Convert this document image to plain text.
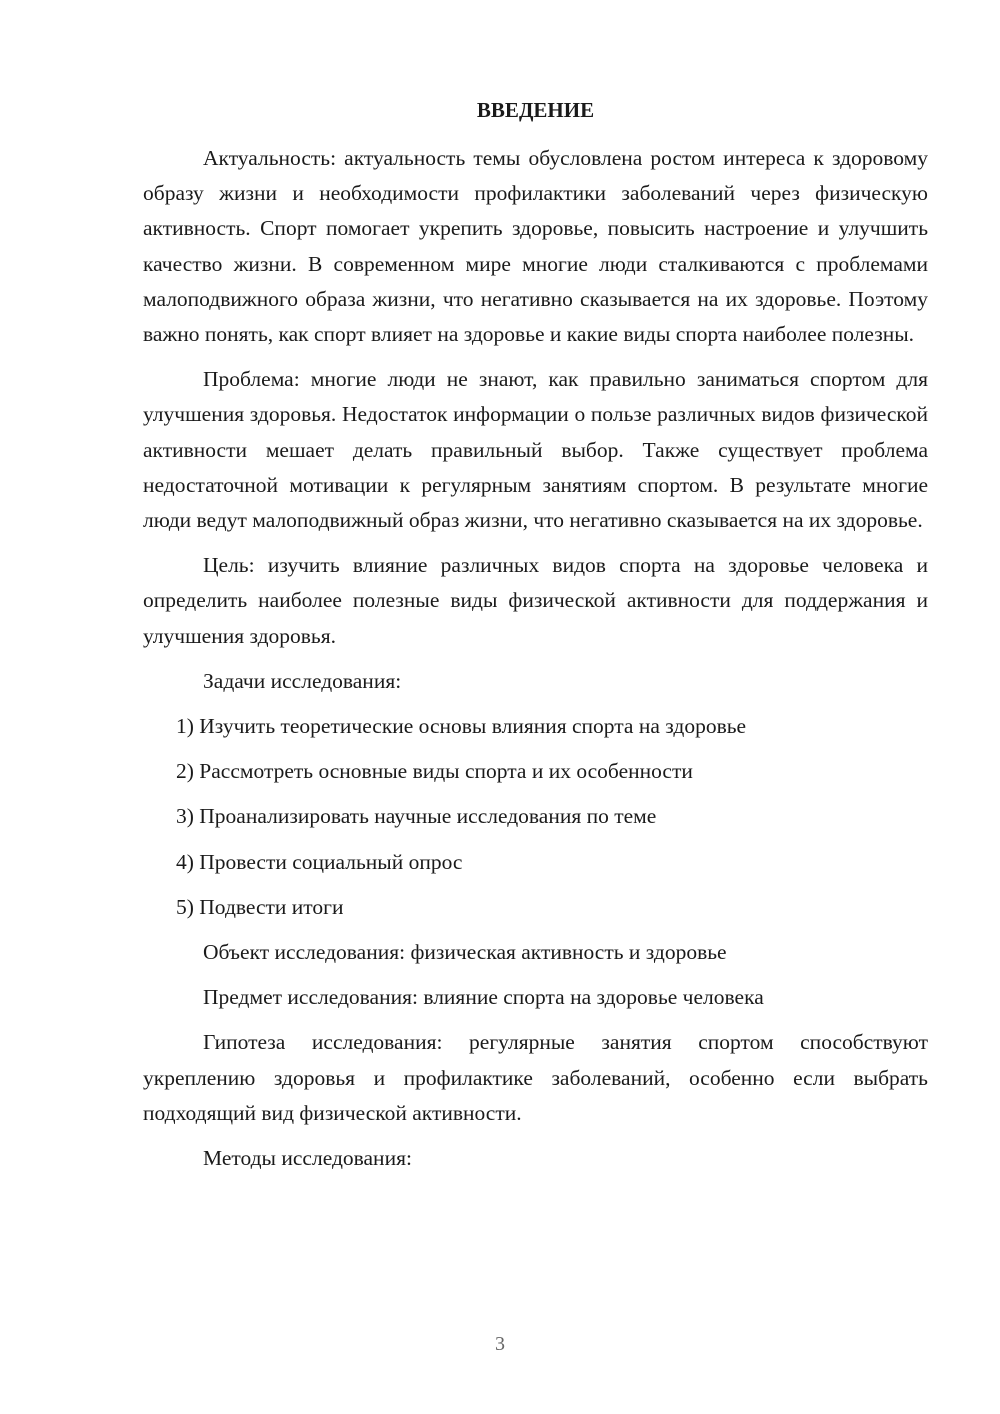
ВВЕДЕНИЕ

Актуальность: актуальность темы обусловлена ростом интереса к здоровому образу жизни и необходимости профилактики заболеваний через физическую активность. Спорт помогает укрепить здоровье, повысить настроение и улучшить качество жизни. В современном мире многие люди сталкиваются с проблемами малоподвижного образа жизни, что негативно сказывается на их здоровье. Поэтому важно понять, как спорт влияет на здоровье и какие виды спорта наиболее полезны.

Проблема: многие люди не знают, как правильно заниматься спортом для улучшения здоровья. Недостаток информации о пользе различных видов физической активности мешает делать правильный выбор. Также существует проблема недостаточной мотивации к регулярным занятиям спортом. В результате многие люди ведут малоподвижный образ жизни, что негативно сказывается на их здоровье.

Цель: изучить влияние различных видов спорта на здоровье человека и определить наиболее полезные виды физической активности для поддержания и улучшения здоровья.

Задачи исследования:

1) Изучить теоретические основы влияния спорта на здоровье
2) Рассмотреть основные виды спорта и их особенности
3) Проанализировать научные исследования по теме
4) Провести социальный опрос
5) Подвести итоги

Объект исследования: физическая активность и здоровье

Предмет исследования: влияние спорта на здоровье человека

Гипотеза исследования: регулярные занятия спортом способствуют укреплению здоровья и профилактике заболеваний, особенно если выбрать подходящий вид физической активности.

Методы исследования:

3
